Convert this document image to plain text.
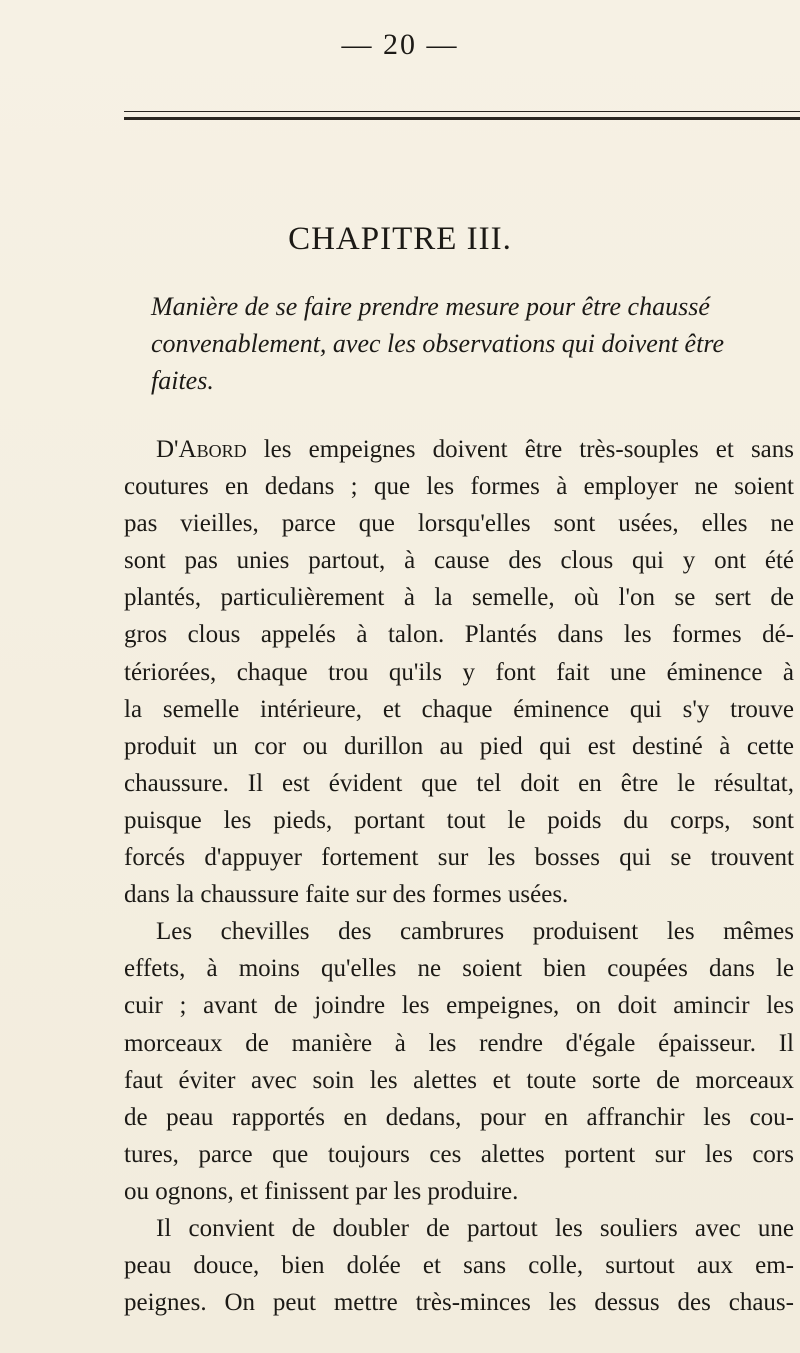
— 20 —
CHAPITRE III.
Manière de se faire prendre mesure pour être chaussé
convenablement, avec les observations qui doivent être
faites.

D'Abord les empeignes doivent être très-souples et sans

coutures en dedans ; que les formes à employer ne soient

pas vieilles, parce que lorsqu'elles sont usées, elles ne

sont pas unies partout, à cause des clous qui y ont été

plantés, particulièrement à la semelle, où l'on se sert de

gros clous appelés à talon. Plantés dans les formes dé-

tériorées, chaque trou qu'ils y font fait une éminence à

la semelle intérieure, et chaque éminence qui s'y trouve

produit un cor ou durillon au pied qui est destiné à cette

chaussure. Il est évident que tel doit en être le résultat,

puisque les pieds, portant tout le poids du corps, sont

forcés d'appuyer fortement sur les bosses qui se trouvent

dans la chaussure faite sur des formes usées.

Les chevilles des cambrures produisent les mêmes

effets, à moins qu'elles ne soient bien coupées dans le

cuir ; avant de joindre les empeignes, on doit amincir les

morceaux de manière à les rendre d'égale épaisseur. Il

faut éviter avec soin les alettes et toute sorte de morceaux

de peau rapportés en dedans, pour en affranchir les cou-

tures, parce que toujours ces alettes portent sur les cors

ou ognons, et finissent par les produire.

Il convient de doubler de partout les souliers avec une

peau douce, bien dolée et sans colle, surtout aux em-

peignes. On peut mettre très-minces les dessus des chaus-
